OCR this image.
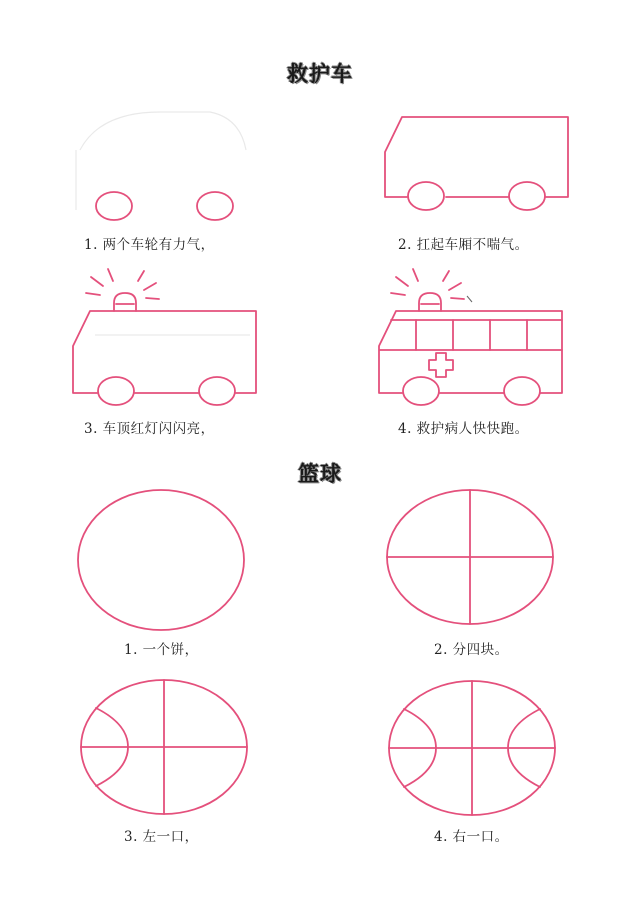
救护车
篮球
1. 两个车轮有力气，	2. 扛起车厢不喘气。
3. 车顶红灯闪闪亮，	4. 救护病人快快跑。
1. 一个饼，	2. 分四块。
3. 左一口，	4. 右一口。
